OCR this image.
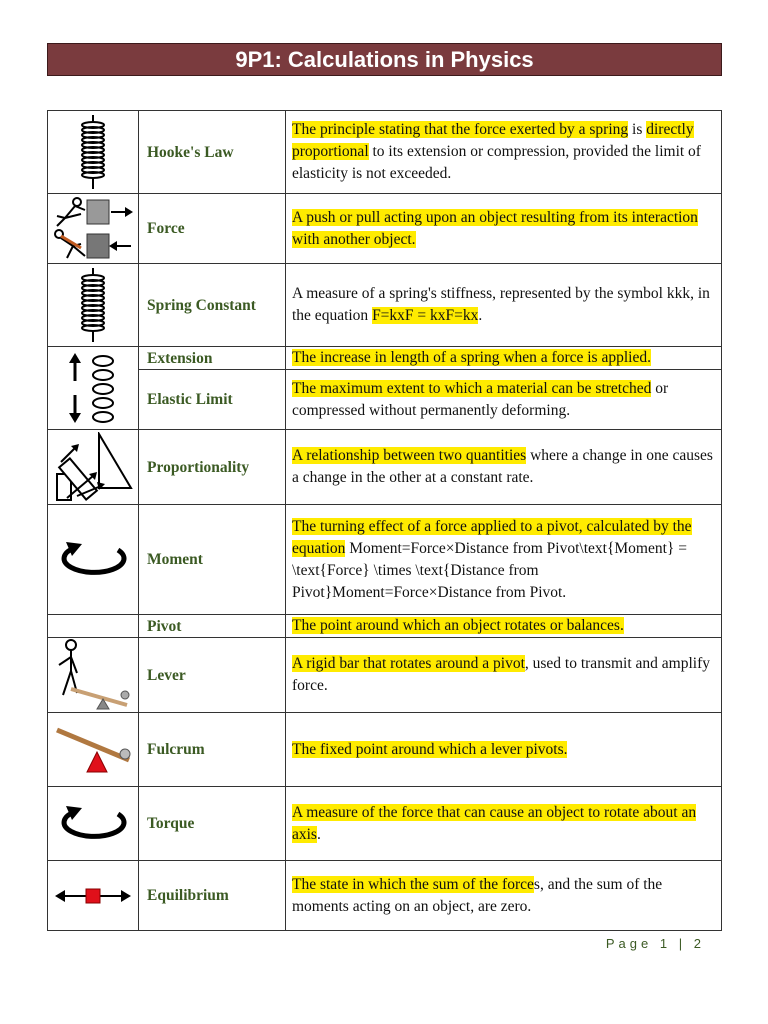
9P1: Calculations in Physics
	Hooke's Law	The principle stating that the force exerted by a spring is directly proportional to its extension or compression, provided the limit of elasticity is not exceeded.

	Force	A push or pull acting upon an object resulting from its interaction with another object.

	Spring Constant	A measure of a spring's stiffness, represented by the symbol kkk, in the equation F=kxF = kxF=kx.

	Extension	The increase in length of a spring when a force is applied.
	Elastic Limit	The maximum extent to which a material can be stretched or compressed without permanently deforming.

	Proportionality	A relationship between two quantities where a change in one causes a change in the other at a constant rate.

	Moment	The turning effect of a force applied to a pivot, calculated by the equation Moment=Force×Distance from Pivot\text{Moment} = \text{Force} \times \text{Distance from Pivot}Moment=Force×Distance from Pivot.
	Pivot	The point around which an object rotates or balances.

	Lever	A rigid bar that rotates around a pivot, used to transmit and amplify force.

	Fulcrum	The fixed point around which a lever pivots.

	Torque	A measure of the force that can cause an object to rotate about an axis.

	Equilibrium	The state in which the sum of the forces, and the sum of the moments acting on an object, are zero.
Page 1 | 2
